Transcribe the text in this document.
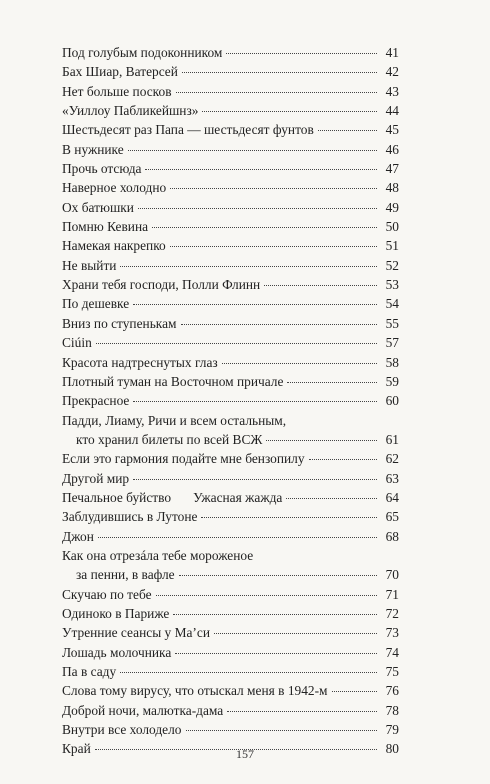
Под голубым подоконником	41
Бах Шиар, Ватерсей	42
Нет больше посков	43
«Уиллоу Пабликейшнз»	44
Шестьдесят раз Папа — шестьдесят фунтов	45
В нужнике	46
Прочь отсюда	47
Наверное холодно	48
Ох батюшки	49
Помню Кевина	50
Намекая накрепко	51
Не выйти	52
Храни тебя господи, Полли Флинн	53
По дешевке	54
Вниз по ступенькам	55
Ciúin	57
Красота надтреснутых глаз	58
Плотный туман на Восточном причале	59
Прекрасное	60
Падди, Лиаму, Ричи и всем остальным,
кто хранил билеты по всей ВСЖ	61
Если это гармония подайте мне бензопилу	62
Другой мир	63
Печальное буйство Ужасная жажда	64
Заблудившись в Лутоне	65
Джон	68
Как она отрезáла тебе мороженое
за пенни, в вафле	70
Скучаю по тебе	71
Одиноко в Париже	72
Утренние сеансы у Ма’си	73
Лошадь молочника	74
Па в саду	75
Слова тому вирусу, что отыскал меня в 1942-м	76
Доброй ночи, малютка-дама	78
Внутри все холодело	79
Край	80
157
